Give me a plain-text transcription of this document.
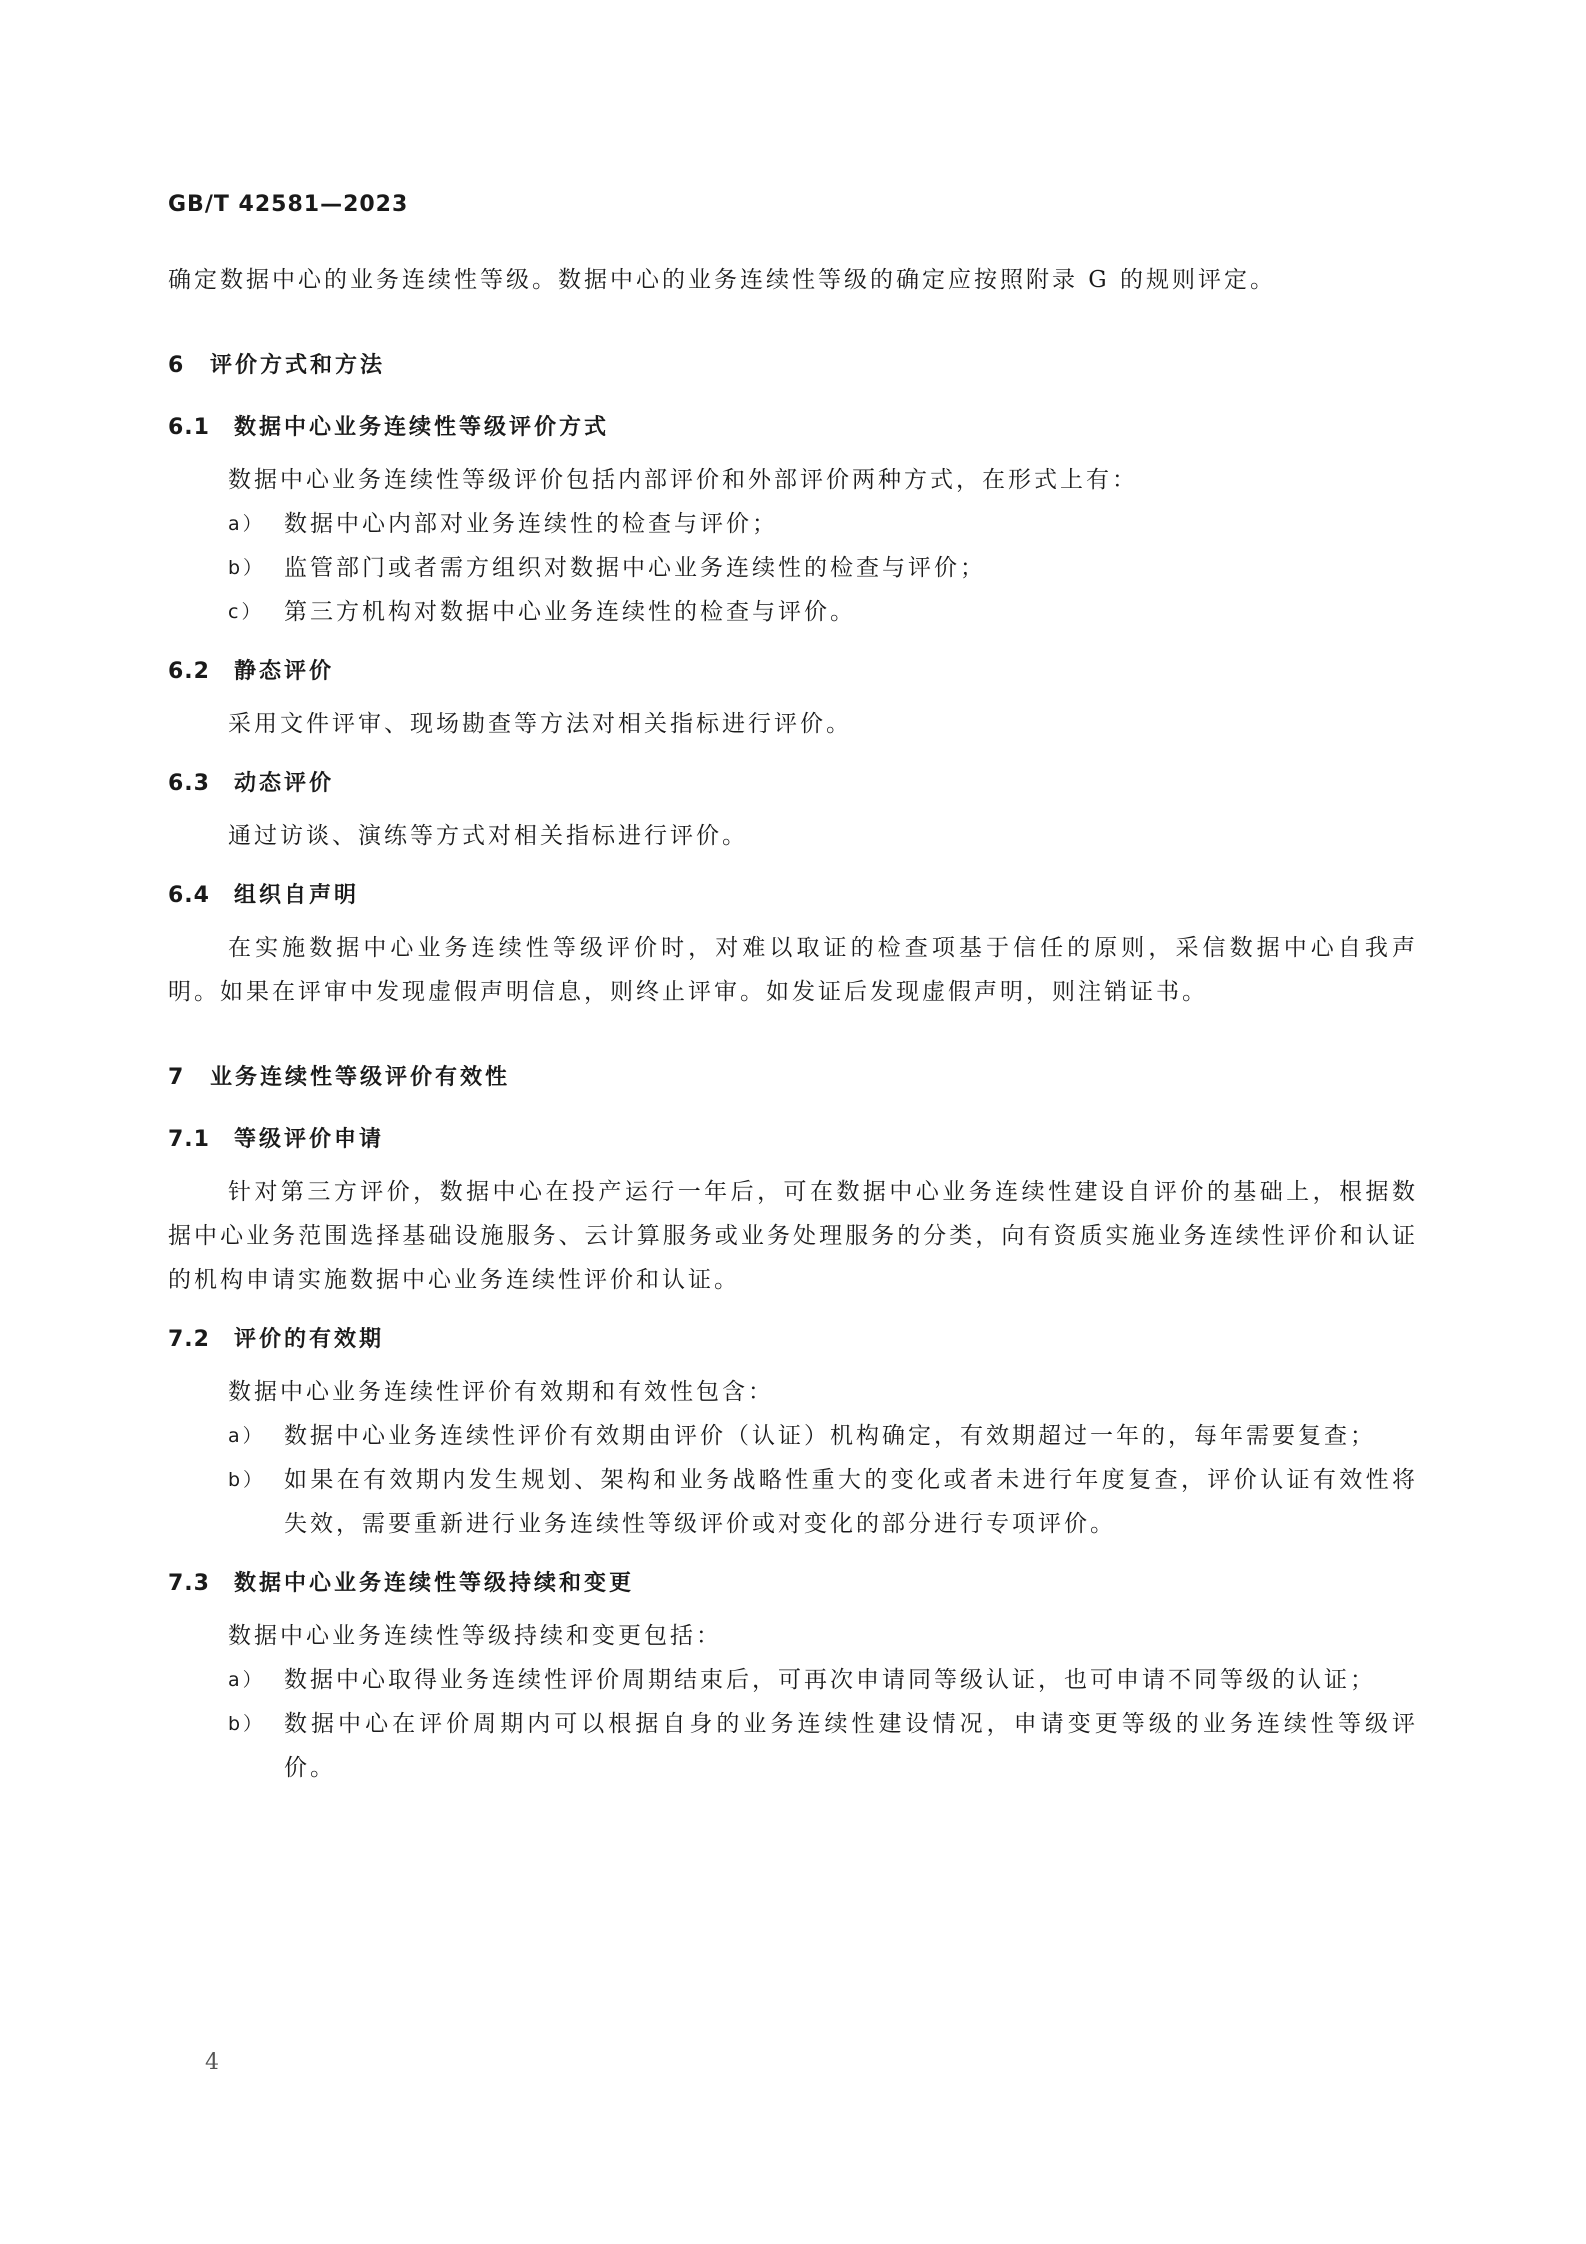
GB/T 42581—2023

确定数据中心的业务连续性等级。数据中心的业务连续性等级的确定应按照附录 G 的规则评定。

6 评价方式和方法
6.1 数据中心业务连续性等级评价方式

数据中心业务连续性等级评价包括内部评价和外部评价两种方式，在形式上有：

a） 数据中心内部对业务连续性的检查与评价；
b） 监管部门或者需方组织对数据中心业务连续性的检查与评价；
c） 第三方机构对数据中心业务连续性的检查与评价。
6.2 静态评价

采用文件评审、现场勘查等方法对相关指标进行评价。

6.3 动态评价

通过访谈、演练等方式对相关指标进行评价。

6.4 组织自声明

在实施数据中心业务连续性等级评价时，对难以取证的检查项基于信任的原则，采信数据中心自我声明。如果在评审中发现虚假声明信息，则终止评审。如发证后发现虚假声明，则注销证书。

7 业务连续性等级评价有效性
7.1 等级评价申请

针对第三方评价，数据中心在投产运行一年后，可在数据中心业务连续性建设自评价的基础上，根据数据中心业务范围选择基础设施服务、云计算服务或业务处理服务的分类，向有资质实施业务连续性评价和认证的机构申请实施数据中心业务连续性评价和认证。

7.2 评价的有效期

数据中心业务连续性评价有效期和有效性包含：

a） 数据中心业务连续性评价有效期由评价（认证）机构确定，有效期超过一年的，每年需要复查；
b） 如果在有效期内发生规划、架构和业务战略性重大的变化或者未进行年度复查，评价认证有效性将失效，需要重新进行业务连续性等级评价或对变化的部分进行专项评价。
7.3 数据中心业务连续性等级持续和变更

数据中心业务连续性等级持续和变更包括：

a） 数据中心取得业务连续性评价周期结束后，可再次申请同等级认证，也可申请不同等级的认证；
b） 数据中心在评价周期内可以根据自身的业务连续性建设情况，申请变更等级的业务连续性等级评价。
4
